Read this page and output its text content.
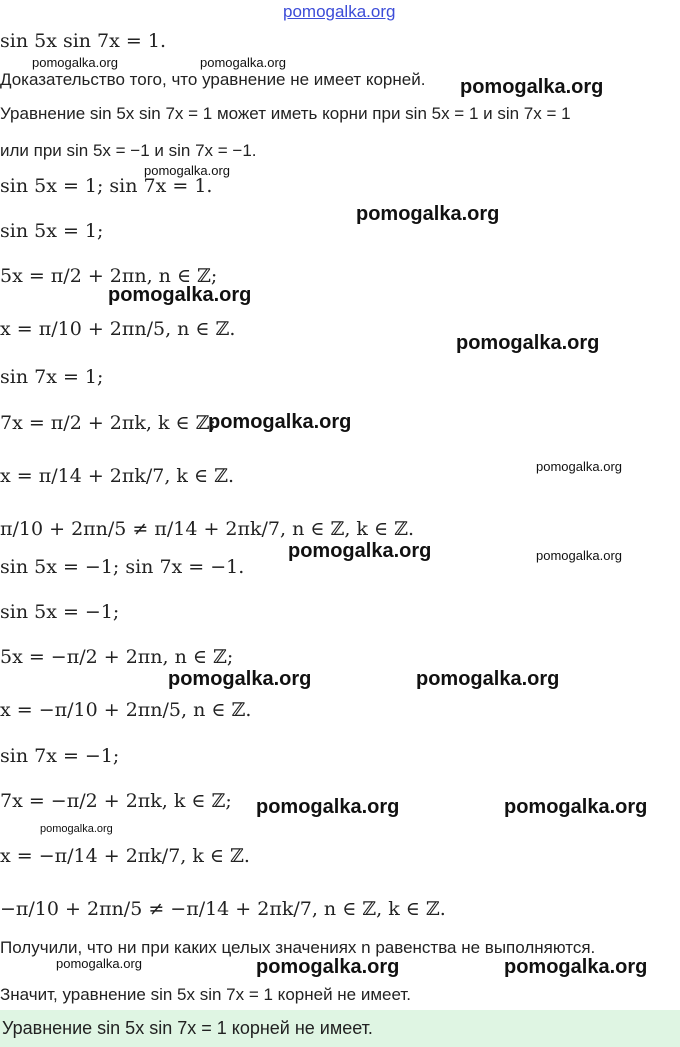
pomogalka.org
sin 5x sin 7x = 1.
Доказательство того, что уравнение не имеет корней.
Уравнение sin 5x sin 7x = 1 может иметь корни при sin 5x = 1 и sin 7x = 1
или при sin 5x = −1 и sin 7x = −1.
sin 5x = 1; sin 7x = 1.
sin 5x = 1;
5x = π/2 + 2πn, n ∈ ℤ;
x = π/10 + 2πn/5, n ∈ ℤ.
sin 7x = 1;
7x = π/2 + 2πk, k ∈ ℤ;
x = π/14 + 2πk/7, k ∈ ℤ.
π/10 + 2πn/5 ≠ π/14 + 2πk/7, n ∈ ℤ, k ∈ ℤ.
sin 5x = −1; sin 7x = −1.
sin 5x = −1;
5x = −π/2 + 2πn, n ∈ ℤ;
x = −π/10 + 2πn/5, n ∈ ℤ.
sin 7x = −1;
7x = −π/2 + 2πk, k ∈ ℤ;
x = −π/14 + 2πk/7, k ∈ ℤ.
−π/10 + 2πn/5 ≠ −π/14 + 2πk/7, n ∈ ℤ, k ∈ ℤ.
Получили, что ни при каких целых значениях n равенства не выполняются.
Значит, уравнение sin 5x sin 7x = 1 корней не имеет.
Уравнение sin 5x sin 7x = 1 корней не имеет.
pomogalka.org	pomogalka.org
pomogalka.org
pomogalka.org
pomogalka.org
pomogalka.org
pomogalka.org
pomogalka.org
pomogalka.org
pomogalka.org	pomogalka.org
pomogalka.org	pomogalka.org
pomogalka.org	pomogalka.org
pomogalka.org
pomogalka.org	pomogalka.org	pomogalka.org
